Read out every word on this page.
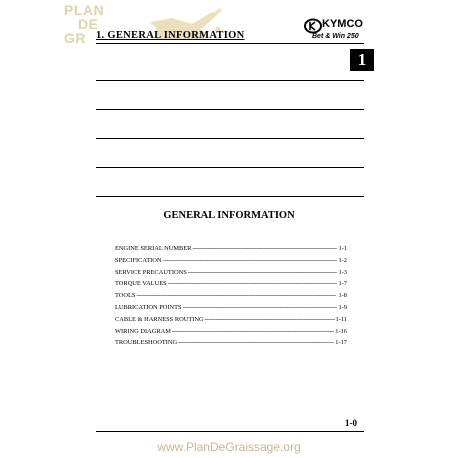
PLAN
DE
GR 1. GENERAL INFORMATION
KYMCO
Bet & Win 250
1
GENERAL INFORMATION
ENGINE SERIAL NUMBER -----	1-1
SPECIFICATION -----	1-2
SERVICE PRECAUTIONS -----	1-3
TORQUE VALUES -----	1-7
TOOLS -----	1-8
LUBRICATION POINTS -----	1-9
CABLE & HARNESS ROUTING -----	1-11
WIRING DIAGRAM -----	1-16
TROUBLESHOOTING -----	1-17
1-0
www.PlanDeGraissage.org
